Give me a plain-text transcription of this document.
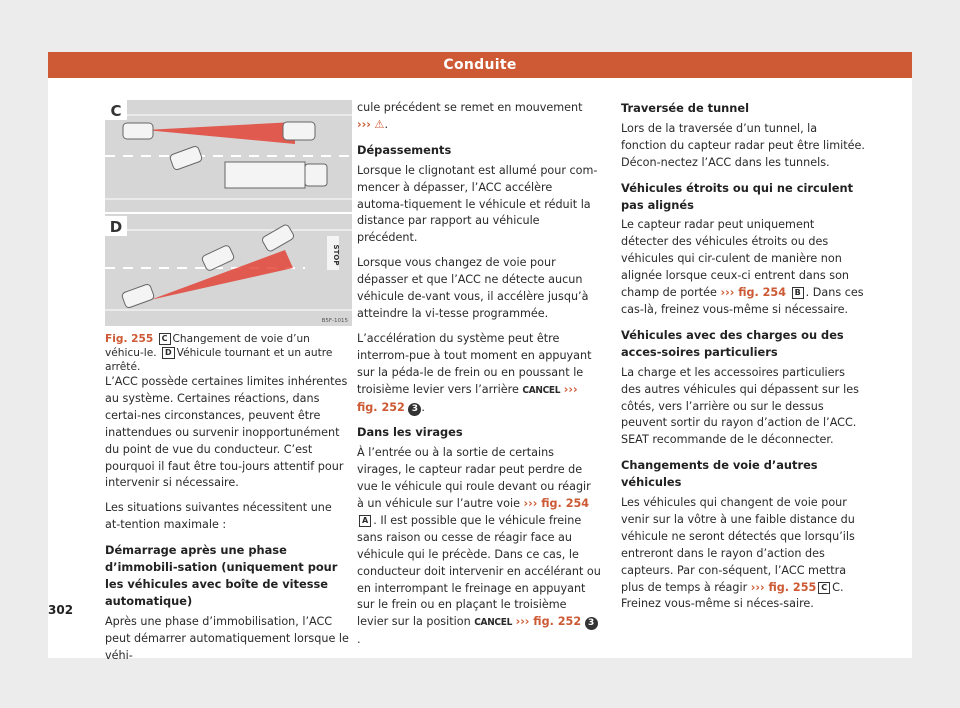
Conduite
STOP
C
D
B5F-1015
Fig. 255 C Changement de voie d’un véhicu-le. D Véhicule tournant et un autre arrêté.

L’ACC possède certaines limites inhérentes au système. Certaines réactions, dans certai-nes circonstances, peuvent être inattendues ou survenir inopportunément du point de vue du conducteur. C’est pourquoi il faut être tou-jours attentif pour intervenir si nécessaire.

Les situations suivantes nécessitent une at-tention maximale :

Démarrage après une phase d’immobili-sation (uniquement pour les véhicules avec boîte de vitesse automatique)

Après une phase d’immobilisation, l’ACC peut démarrer automatiquement lorsque le véhi-

cule précédent se remet en mouvement
››› ⚠.

Dépassements

Lorsque le clignotant est allumé pour com-mencer à dépasser, l’ACC accélère automa-tiquement le véhicule et réduit la distance par rapport au véhicule précédent.

Lorsque vous changez de voie pour dépasser et que l’ACC ne détecte aucun véhicule de-vant vous, il accélère jusqu’à atteindre la vi-tesse programmée.

L’accélération du système peut être interrom-pue à tout moment en appuyant sur la péda-le de frein ou en poussant le troisième levier vers l’arrière CANCEL ››› fig. 252 3 .

Dans les virages

À l’entrée ou à la sortie de certains virages, le capteur radar peut perdre de vue le véhicule qui roule devant ou réagir à un véhicule sur l’autre voie ››› fig. 254 A . Il est possible que le véhicule freine sans raison ou cesse de réagir face au véhicule qui le précède. Dans ce cas, le conducteur doit intervenir en accélérant ou en interrompant le freinage en appuyant sur le frein ou en plaçant le troisième levier sur la position CANCEL ››› fig. 252 3.

Traversée de tunnel

Lors de la traversée d’un tunnel, la fonction du capteur radar peut être limitée. Décon-nectez l’ACC dans les tunnels.

Véhicules étroits ou qui ne circulent pas alignés

Le capteur radar peut uniquement détecter des véhicules étroits ou des véhicules qui cir-culent de manière non alignée lorsque ceux-ci entrent dans son champ de portée ››› fig. 254 B . Dans ces cas-là, freinez vous-même si nécessaire.

Véhicules avec des charges ou des acces-soires particuliers

La charge et les accessoires particuliers des autres véhicules qui dépassent sur les côtés, vers l’arrière ou sur le dessus peuvent sortir du rayon d’action de l’ACC. SEAT recommande de le déconnecter.

Changements de voie d’autres véhicules

Les véhicules qui changent de voie pour venir sur la vôtre à une faible distance du véhicule ne seront détectés que lorsqu’ils entreront dans le rayon d’action des capteurs. Par con-séquent, l’ACC mettra plus de temps à réagir ››› fig. 255 C C. Freinez vous-même si néces-saire.

302
